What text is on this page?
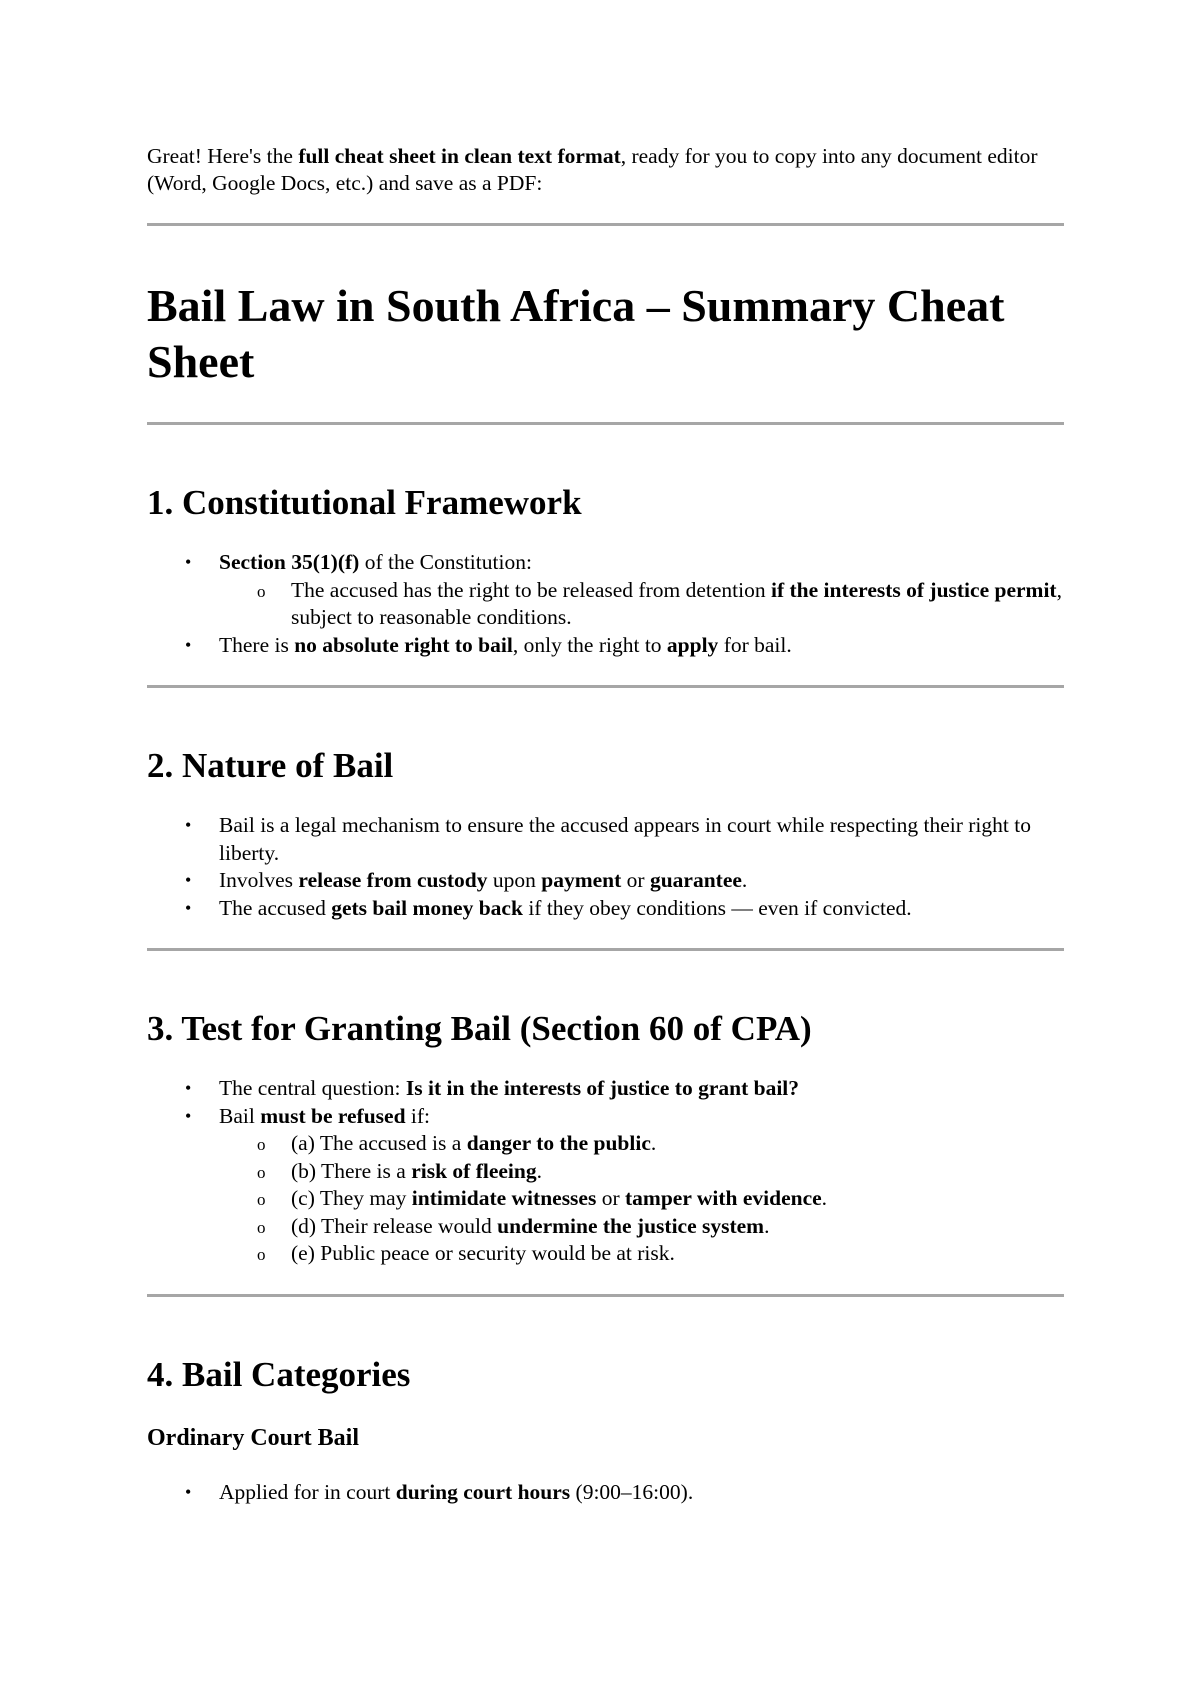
Great! Here's the full cheat sheet in clean text format, ready for you to copy into any document editor (Word, Google Docs, etc.) and save as a PDF:

Bail Law in South Africa – Summary Cheat Sheet
1. Constitutional Framework
• Section 35(1)(f) of the Constitution:
o The accused has the right to be released from detention if the interests of justice permit, subject to reasonable conditions.
• There is no absolute right to bail, only the right to apply for bail.
2. Nature of Bail
• Bail is a legal mechanism to ensure the accused appears in court while respecting their right to liberty.
• Involves release from custody upon payment or guarantee.
• The accused gets bail money back if they obey conditions — even if convicted.
3. Test for Granting Bail (Section 60 of CPA)
• The central question: Is it in the interests of justice to grant bail?
• Bail must be refused if:
o (a) The accused is a danger to the public.
o (b) There is a risk of fleeing.
o (c) They may intimidate witnesses or tamper with evidence.
o (d) Their release would undermine the justice system.
o (e) Public peace or security would be at risk.
4. Bail Categories
Ordinary Court Bail
• Applied for in court during court hours (9:00–16:00).
